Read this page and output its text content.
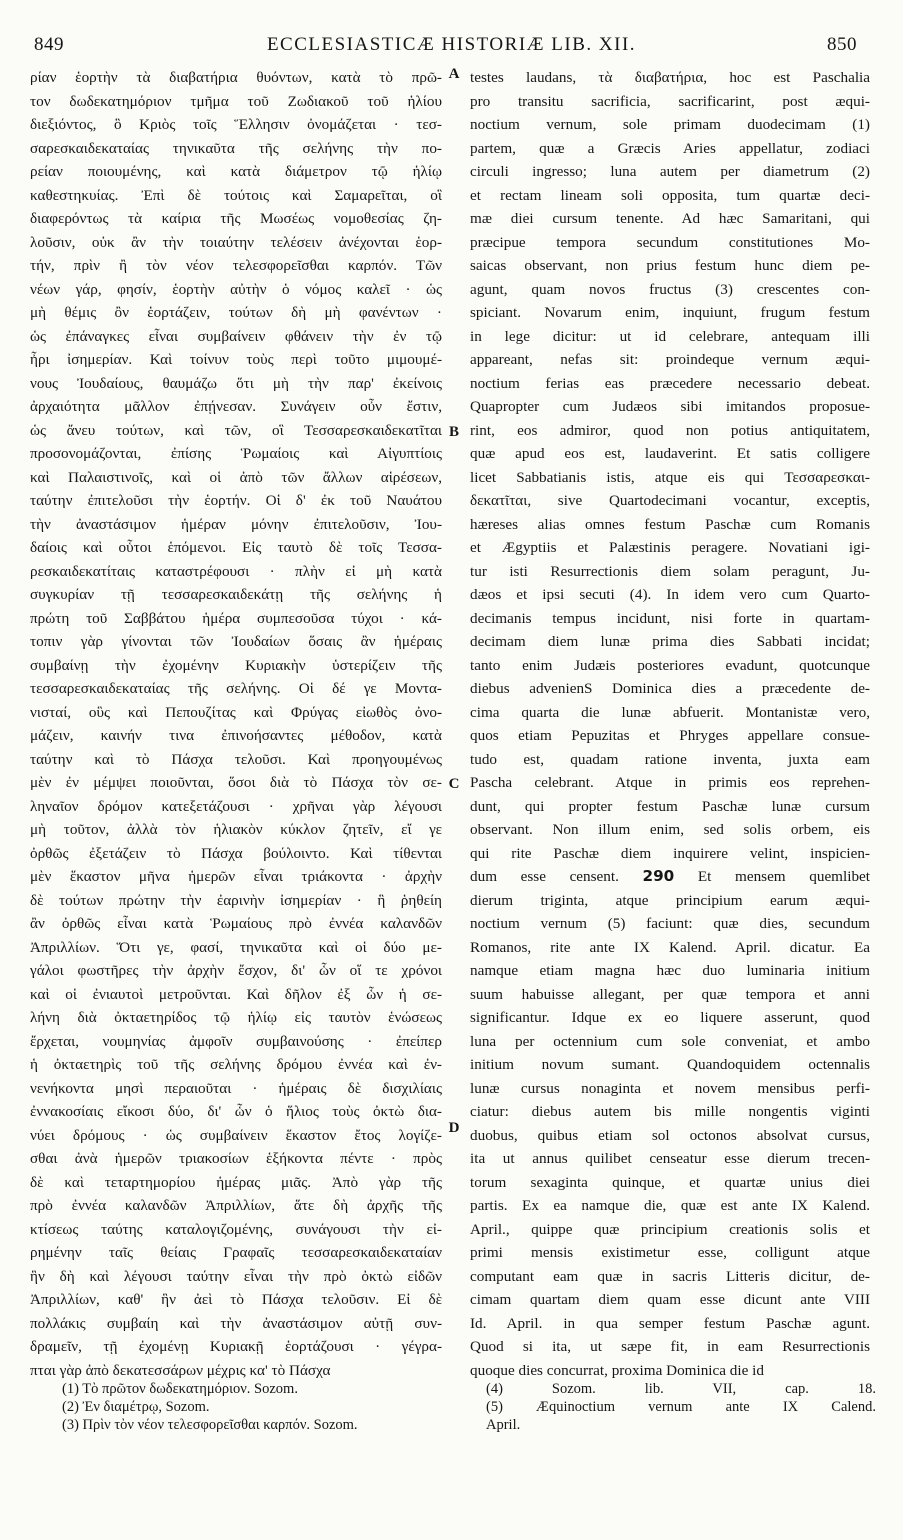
849	ECCLESIASTICÆ HISTORIÆ LIB. XII.	850
A
B
C
D
ρίαν ἑορτὴν τὰ διαβατήρια θυόντων, κατὰ τὸ πρῶ-
τον δωδεκατημόριον τμῆμα τοῦ Ζωδιακοῦ τοῦ ἡλίου
διεξιόντος, ὃ Κριὸς τοῖς Ἕλλησιν ὀνομάζεται · τεσ-
σαρεσκαιδεκαταίας τηνικαῦτα τῆς σελήνης τὴν πο-
ρείαν ποιουμένης, καὶ κατὰ διάμετρον τῷ ἡλίῳ
καθεστηκυίας. Ἐπὶ δὲ τούτοις καὶ Σαμαρεῖται, οἳ
διαφερόντως τὰ καίρια τῆς Μωσέως νομοθεσίας ζη-
λοῦσιν, οὐκ ἂν τὴν τοιαύτην τελέσειν ἀνέχονται ἑορ-
τήν, πρὶν ἢ τὸν νέον τελεσφορεῖσθαι καρπόν. Τῶν
νέων γάρ, φησίν, ἑορτὴν αὐτὴν ὁ νόμος καλεῖ · ὡς
μὴ θέμις ὂν ἑορτάζειν, τούτων δὴ μὴ φανέντων ·
ὡς ἐπάναγκες εἶναι συμβαίνειν φθάνειν τὴν ἐν τῷ
ἦρι ἰσημερίαν. Καὶ τοίνυν τοὺς περὶ τοῦτο μιμουμέ-
νους Ἰουδαίους, θαυμάζω ὅτι μὴ τὴν παρ' ἐκείνοις
ἀρχαιότητα μᾶλλον ἐπῄνεσαν. Συνάγειν οὖν ἔστιν,
ὡς ἄνευ τούτων, καὶ τῶν, οἳ Τεσσαρεσκαιδεκατῖται
προσονομάζονται, ἐπίσης Ῥωμαίοις καὶ Αἰγυπτίοις
καὶ Παλαιστινοῖς, καὶ οἱ ἀπὸ τῶν ἄλλων αἱρέσεων,
ταύτην ἐπιτελοῦσι τὴν ἑορτήν. Οἱ δ' ἐκ τοῦ Ναυάτου
τὴν ἀναστάσιμον ἡμέραν μόνην ἐπιτελοῦσιν, Ἰου-
δαίοις καὶ οὗτοι ἑπόμενοι. Εἰς ταυτὸ δὲ τοῖς Τεσσα-
ρεσκαιδεκατίταις καταστρέφουσι · πλὴν εἰ μὴ κατὰ
συγκυρίαν τῇ τεσσαρεσκαιδεκάτῃ τῆς σελήνης ἡ
πρώτη τοῦ Σαββάτου ἡμέρα συμπεσοῦσα τύχοι · κά-
τοπιν γὰρ γίνονται τῶν Ἰουδαίων ὅσαις ἂν ἡμέραις
συμβαίνῃ τὴν ἐχομένην Κυριακὴν ὑστερίζειν τῆς
τεσσαρεσκαιδεκαταίας τῆς σελήνης. Οἱ δέ γε Μοντα-
νισταί, οὓς καὶ Πεπουζίτας καὶ Φρύγας εἰωθὸς ὀνο-
μάζειν, καινήν τινα ἐπινοήσαντες μέθοδον, κατὰ
ταύτην καὶ τὸ Πάσχα τελοῦσι. Καὶ προηγουμένως
μὲν ἐν μέμψει ποιοῦνται, ὅσοι διὰ τὸ Πάσχα τὸν σε-
ληναῖον δρόμον κατεξετάζουσι · χρῆναι γὰρ λέγουσι
μὴ τοῦτον, ἀλλὰ τὸν ἡλιακὸν κύκλον ζητεῖν, εἴ γε
ὀρθῶς ἐξετάζειν τὸ Πάσχα βούλοιντο. Καὶ τίθενται
μὲν ἕκαστον μῆνα ἡμερῶν εἶναι τριάκοντα · ἀρχὴν
δὲ τούτων πρώτην τὴν ἐαρινὴν ἰσημερίαν · ἣ ῥηθείη
ἂν ὀρθῶς εἶναι κατὰ Ῥωμαίους πρὸ ἐννέα καλανδῶν
Ἀπριλλίων. Ὅτι γε, φασί, τηνικαῦτα καὶ οἱ δύο με-
γάλοι φωστῆρες τὴν ἀρχὴν ἔσχον, δι' ὧν οἵ τε χρόνοι
καὶ οἱ ἐνιαυτοὶ μετροῦνται. Καὶ δῆλον ἐξ ὧν ἡ σε-
λήνη διὰ ὀκταετηρίδος τῷ ἡλίῳ εἰς ταυτὸν ἑνώσεως
ἔρχεται, νουμηνίας ἀμφοῖν συμβαινούσης · ἐπείπερ
ἡ ὀκταετηρὶς τοῦ τῆς σελήνης δρόμου ἐννέα καὶ ἐν-
νενήκοντα μησὶ περαιοῦται · ἡμέραις δὲ δισχιλίαις
ἐννακοσίαις εἴκοσι δύο, δι' ὧν ὁ ἥλιος τοὺς ὀκτὼ δια-
νύει δρόμους · ὡς συμβαίνειν ἕκαστον ἔτος λογίζε-
σθαι ἀνὰ ἡμερῶν τριακοσίων ἑξήκοντα πέντε · πρὸς
δὲ καὶ τεταρτημορίου ἡμέρας μιᾶς. Ἀπὸ γὰρ τῆς
πρὸ ἐννέα καλανδῶν Ἀπριλλίων, ἅτε δὴ ἀρχῆς τῆς
κτίσεως ταύτης καταλογιζομένης, συνάγουσι τὴν εἰ-
ρημένην ταῖς θείαις Γραφαῖς τεσσαρεσκαιδεκαταίαν
ἣν δὴ καὶ λέγουσι ταύτην εἶναι τὴν πρὸ ὀκτὼ εἰδῶν
Ἀπριλλίων, καθ' ἣν ἀεὶ τὸ Πάσχα τελοῦσιν. Εἰ δὲ
πολλάκις συμβαίη καὶ τὴν ἀναστάσιμον αὐτῇ συν-
δραμεῖν, τῇ ἐχομένῃ Κυριακῇ ἑορτάζουσι · γέγρα-
πται γὰρ ἀπὸ δεκατεσσάρων μέχρις κα' τὸ Πάσχα
testes laudans, τὰ διαβατήρια, hoc est Paschalia
pro transitu sacrificia, sacrificarint, post æqui-
noctium vernum, sole primam duodecimam (1)
partem, quæ a Græcis Aries appellatur, zodiaci
circuli ingresso; luna autem per diametrum (2)
et rectam lineam soli opposita, tum quartæ deci-
mæ diei cursum tenente. Ad hæc Samaritani, qui
præcipue tempora secundum constitutiones Mo-
saicas observant, non prius festum hunc diem pe-
agunt, quam novos fructus (3) crescentes con-
spiciant. Novarum enim, inquiunt, frugum festum
in lege dicitur: ut id celebrare, antequam illi
appareant, nefas sit: proindeque vernum æqui-
noctium ferias eas præcedere necessario debeat.
Quapropter cum Judæos sibi imitandos proposue-
rint, eos admiror, quod non potius antiquitatem,
quæ apud eos est, laudaverint. Et satis colligere
licet Sabbatianis istis, atque eis qui Τεσσαρεσκαι-
δεκατῖται, sive Quartodecimani vocantur, exceptis,
hæreses alias omnes festum Paschæ cum Romanis
et Ægyptiis et Palæstinis peragere. Novatiani igi-
tur isti Resurrectionis diem solam peragunt, Ju-
dæos et ipsi secuti (4). In idem vero cum Quarto-
decimanis tempus incidunt, nisi forte in quartam-
decimam diem lunæ prima dies Sabbati incidat;
tanto enim Judæis posteriores evadunt, quotcunque
diebus advenienS Dominica dies a præcedente de-
cima quarta die lunæ abfuerit. Montanistæ vero,
quos etiam Pepuzitas et Phryges appellare consue-
tudo est, quadam ratione inventa, juxta eam
Pascha celebrant. Atque in primis eos reprehen-
dunt, qui propter festum Paschæ lunæ cursum
observant. Non illum enim, sed solis orbem, eis
qui rite Paschæ diem inquirere velint, inspicien-
dum esse censent. 290 Et mensem quemlibet
dierum triginta, atque principium earum æqui-
noctium vernum (5) faciunt: quæ dies, secundum
Romanos, rite ante IX Kalend. April. dicatur. Ea
namque etiam magna hæc duo luminaria initium
suum habuisse allegant, per quæ tempora et anni
significantur. Idque ex eo liquere asserunt, quod
luna per octennium cum sole conveniat, et ambo
initium novum sumant. Quandoquidem octennalis
lunæ cursus nonaginta et novem mensibus perfi-
ciatur: diebus autem bis mille nongentis viginti
duobus, quibus etiam sol octonos absolvat cursus,
ita ut annus quilibet censeatur esse dierum trecen-
torum sexaginta quinque, et quartæ unius diei
partis. Ex ea namque die, quæ est ante IX Kalend.
April., quippe quæ principium creationis solis et
primi mensis existimetur esse, colligunt atque
computant eam quæ in sacris Litteris dicitur, de-
cimam quartam diem quam esse dicunt ante VIII
Id. April. in qua semper festum Paschæ agunt.
Quod si ita, ut sæpe fit, in eam Resurrectionis
quoque dies concurrat, proxima Dominica die id
(1) Τὸ πρῶτον δωδεκατημόριον. Sozom.
(2) Ἐν διαμέτρῳ, Sozom.
(3) Πρὶν τὸν νέον τελεσφορεῖσθαι καρπόν. Sozom.
(4) Sozom. lib. VII, cap. 18.
(5) Æquinoctium vernum ante IX Calend.
April.
